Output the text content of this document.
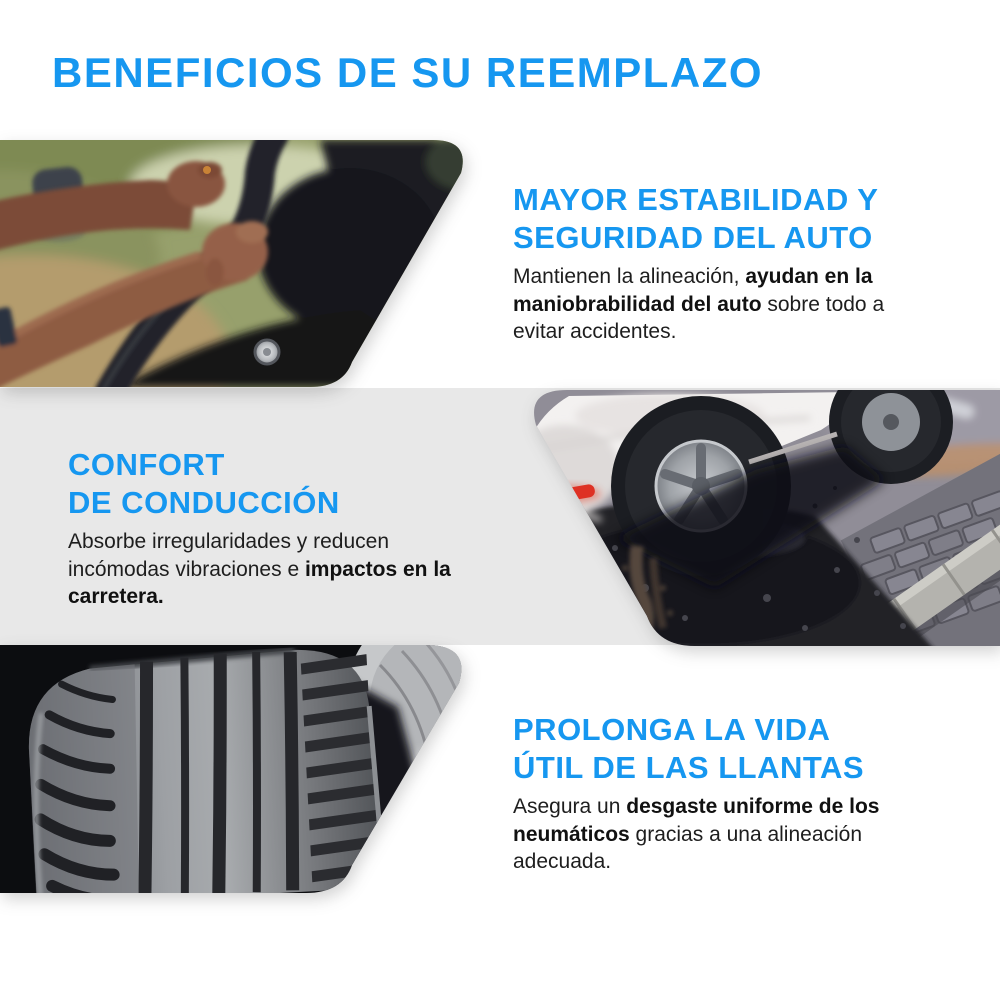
BENEFICIOS DE SU REEMPLAZO
MAYOR ESTABILIDAD Y
SEGURIDAD DEL AUTO
Mantienen la alineación, ayudan en la maniobrabilidad del auto sobre todo a evitar accidentes.
CONFORT
DE CONDUCCIÓN
Absorbe irregularidades y reducen incómodas vibraciones e impactos en la carretera.
PROLONGA LA VIDA
ÚTIL DE LAS LLANTAS
Asegura un desgaste uniforme de los neumáticos gracias a una alineación adecuada.
